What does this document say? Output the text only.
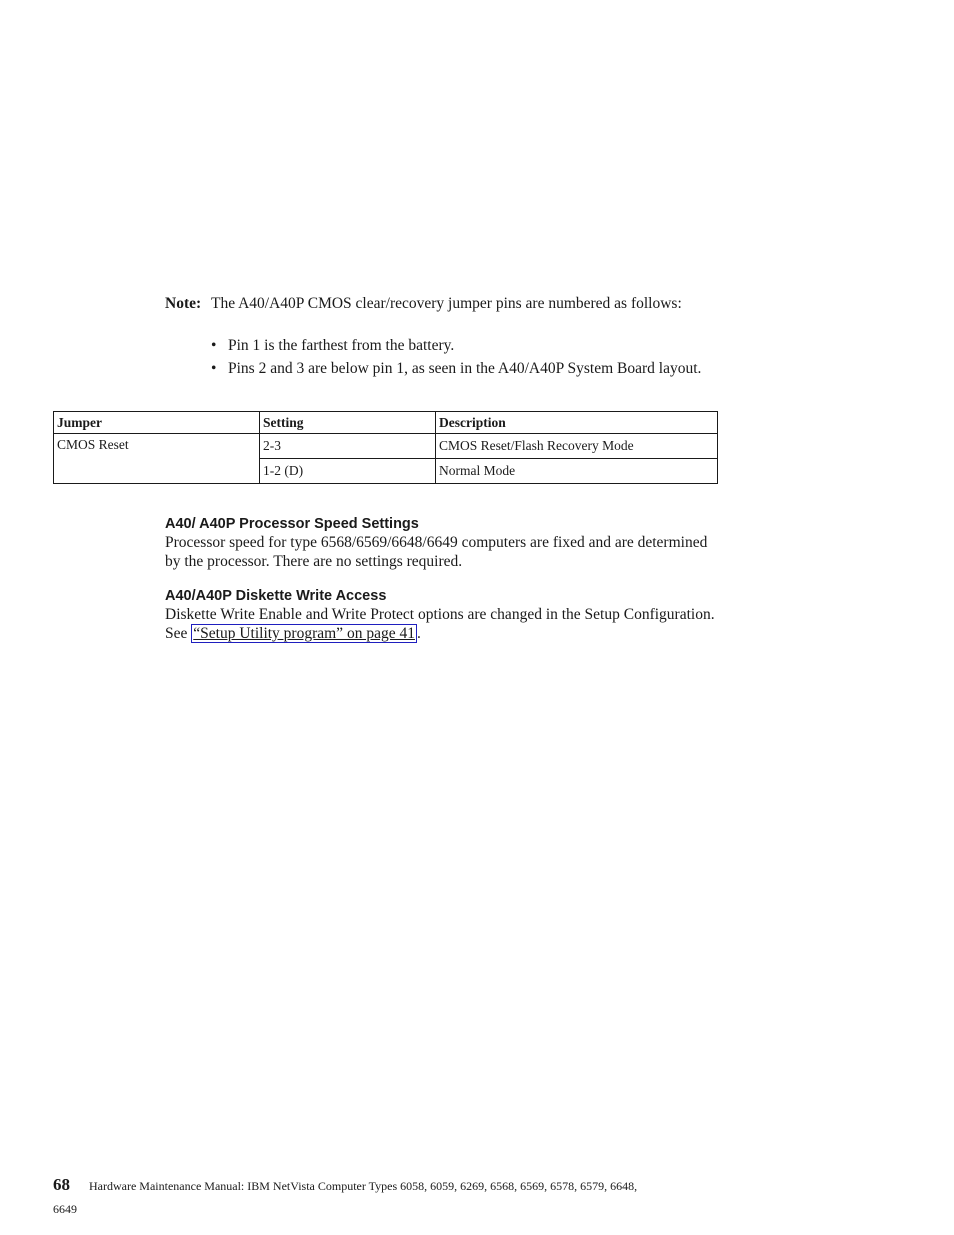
Note: The A40/A40P CMOS clear/recovery jumper pins are numbered as follows:
• Pin 1 is the farthest from the battery.
• Pins 2 and 3 are below pin 1, as seen in the A40/A40P System Board layout.
Jumper	Setting	Description
CMOS Reset	2-3	CMOS Reset/Flash Recovery Mode
	1-2 (D)	Normal Mode
A40/ A40P Processor Speed Settings

Processor speed for type 6568/6569/6648/6649 computers are fixed and are determined by the processor. There are no settings required.

A40/A40P Diskette Write Access

Diskette Write Enable and Write Protect options are changed in the Setup Configuration. See “Setup Utility program” on page 41 .

68 Hardware Maintenance Manual: IBM NetVista Computer Types 6058, 6059, 6269, 6568, 6569, 6578, 6579, 6648,
6649
